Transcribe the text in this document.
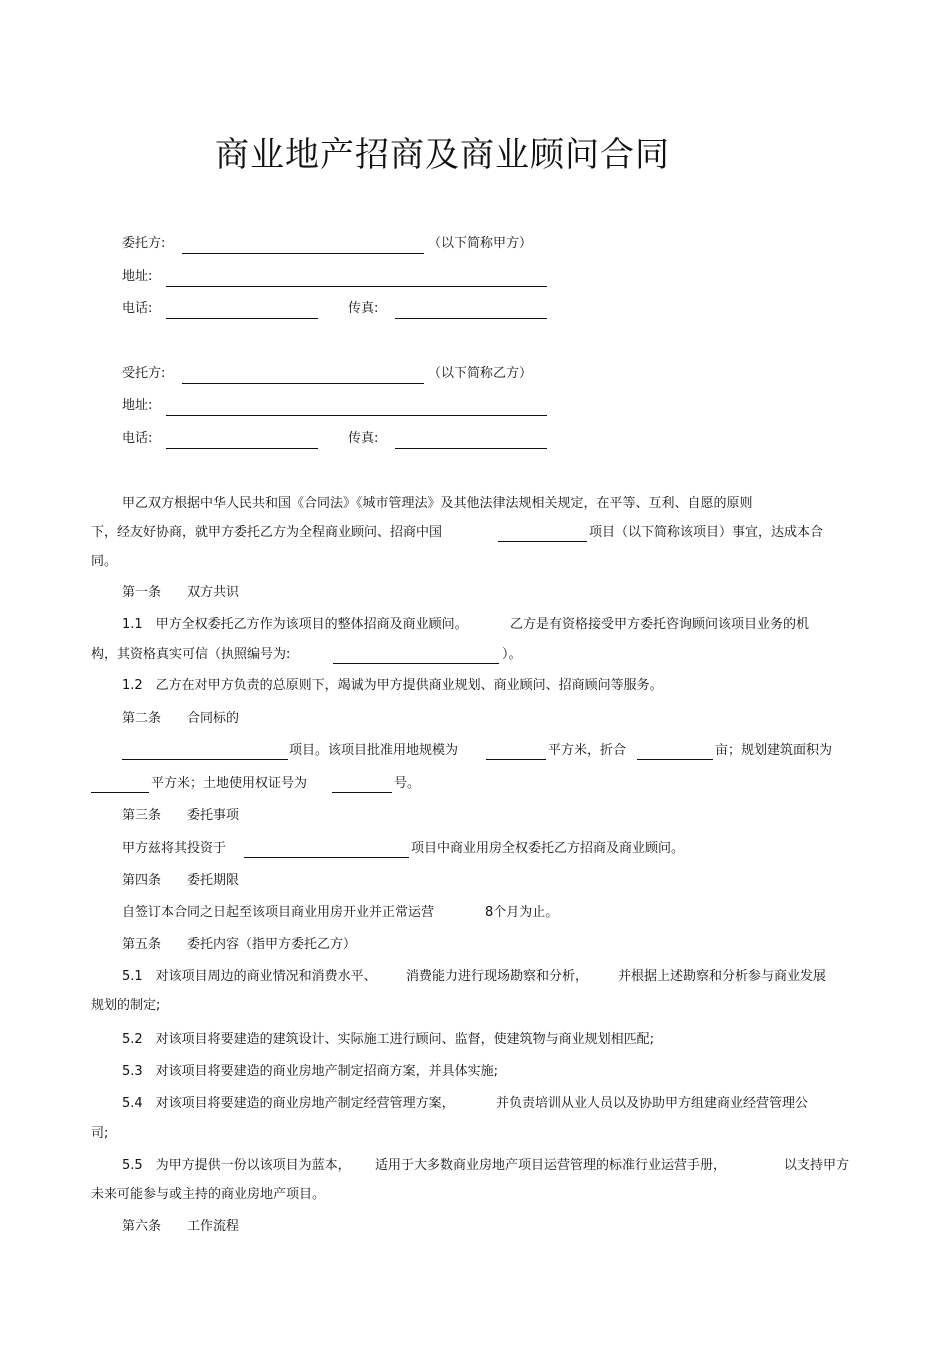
商业地产招商及商业顾问合同
委托方:	（以下简称甲方）
地址:
电话:	传真:
受托方:	（以下简称乙方）
地址:
电话:	传真:
甲乙双方根据中华人民共和国《合同法》《城市管理法》及其他法律法规相关规定，在平等、互利、自愿的原则
下，经友好协商，就甲方委托乙方为全程商业顾问、招商中国	项目（以下简称该项目）事宜，达成本合
同。
第一条　　双方共识
1.1　甲方全权委托乙方作为该项目的整体招商及商业顾问。	乙方是有资格接受甲方委托咨询顾问该项目业务的机
构，其资格真实可信（执照编号为:	）。
1.2　乙方在对甲方负责的总原则下，竭诚为甲方提供商业规划、商业顾问、招商顾问等服务。
第二条　　合同标的
项目。该项目批准用地规模为	平方米，折合	亩；规划建筑面积为
平方米；土地使用权证号为	号。
第三条　　委托事项
甲方兹将其投资于	项目中商业用房全权委托乙方招商及商业顾问。
第四条　　委托期限
自签订本合同之日起至该项目商业用房开业并正常运营	8个月为止。
第五条　　委托内容（指甲方委托乙方）
5.1　对该项目周边的商业情况和消费水平、 消费能力进行现场勘察和分析， 并根据上述勘察和分析参与商业发展
规划的制定;
5.2　对该项目将要建造的建筑设计、实际施工进行顾问、监督，使建筑物与商业规划相匹配;
5.3　对该项目将要建造的商业房地产制定招商方案，并具体实施;
5.4　对该项目将要建造的商业房地产制定经营管理方案，	并负责培训从业人员以及协助甲方组建商业经营管理公
司;
5.5　为甲方提供一份以该项目为蓝本， 适用于大多数商业房地产项目运营管理的标准行业运营手册，	以支持甲方
未来可能参与或主持的商业房地产项目。
第六条　　工作流程
